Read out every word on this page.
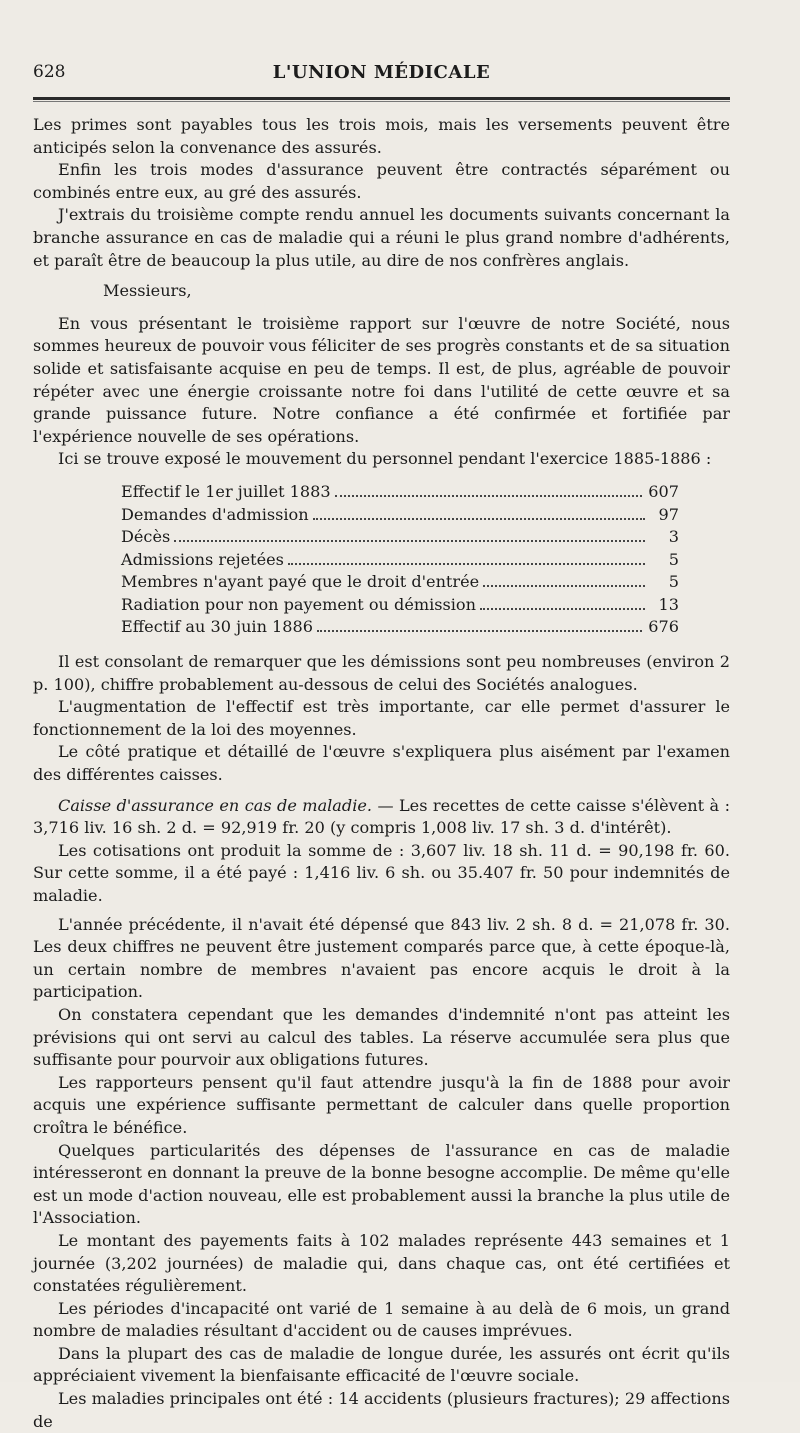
628	L'UNION MÉDICALE

Les primes sont payables tous les trois mois, mais les versements peuvent être anticipés selon la convenance des assurés.

Enfin les trois modes d'assurance peuvent être contractés séparément ou combinés entre eux, au gré des assurés.

J'extrais du troisième compte rendu annuel les documents suivants concernant la branche assurance en cas de maladie qui a réuni le plus grand nombre d'adhérents, et paraît être de beaucoup la plus utile, au dire de nos confrères anglais.

Messieurs,

En vous présentant le troisième rapport sur l'œuvre de notre Société, nous sommes heureux de pouvoir vous féliciter de ses progrès constants et de sa situation solide et satisfaisante acquise en peu de temps. Il est, de plus, agréable de pouvoir répéter avec une énergie croissante notre foi dans l'utilité de cette œuvre et sa grande puissance future. Notre confiance a été confirmée et fortifiée par l'expérience nouvelle de ses opérations.

Ici se trouve exposé le mouvement du personnel pendant l'exercice 1885-1886 :

Effectif le 1er juillet 1883	607
Demandes d'admission	97
Décès	3
Admissions rejetées	5
Membres n'ayant payé que le droit d'entrée	5
Radiation pour non payement ou démission	13
Effectif au 30 juin 1886	676

Il est consolant de remarquer que les démissions sont peu nombreuses (environ 2 p. 100), chiffre probablement au-dessous de celui des Sociétés analogues.

L'augmentation de l'effectif est très importante, car elle permet d'assurer le fonctionnement de la loi des moyennes.

Le côté pratique et détaillé de l'œuvre s'expliquera plus aisément par l'examen des différentes caisses.

Caisse d'assurance en cas de maladie. — Les recettes de cette caisse s'élèvent à : 3,716 liv. 16 sh. 2 d. = 92,919 fr. 20 (y compris 1,008 liv. 17 sh. 3 d. d'intérêt).

Les cotisations ont produit la somme de : 3,607 liv. 18 sh. 11 d. = 90,198 fr. 60. Sur cette somme, il a été payé : 1,416 liv. 6 sh. ou 35.407 fr. 50 pour indemnités de maladie.

L'année précédente, il n'avait été dépensé que 843 liv. 2 sh. 8 d. = 21,078 fr. 30. Les deux chiffres ne peuvent être justement comparés parce que, à cette époque-là, un certain nombre de membres n'avaient pas encore acquis le droit à la participation.

On constatera cependant que les demandes d'indemnité n'ont pas atteint les prévisions qui ont servi au calcul des tables. La réserve accumulée sera plus que suffisante pour pourvoir aux obligations futures.

Les rapporteurs pensent qu'il faut attendre jusqu'à la fin de 1888 pour avoir acquis une expérience suffisante permettant de calculer dans quelle proportion croîtra le bénéfice.

Quelques particularités des dépenses de l'assurance en cas de maladie intéresseront en donnant la preuve de la bonne besogne accomplie. De même qu'elle est un mode d'action nouveau, elle est probablement aussi la branche la plus utile de l'Association.

Le montant des payements faits à 102 malades représente 443 semaines et 1 journée (3,202 journées) de maladie qui, dans chaque cas, ont été certifiées et constatées régulièrement.

Les périodes d'incapacité ont varié de 1 semaine à au delà de 6 mois, un grand nombre de maladies résultant d'accident ou de causes imprévues.

Dans la plupart des cas de maladie de longue durée, les assurés ont écrit qu'ils appréciaient vivement la bienfaisante efficacité de l'œuvre sociale.

Les maladies principales ont été : 14 accidents (plusieurs fractures); 29 affections de
